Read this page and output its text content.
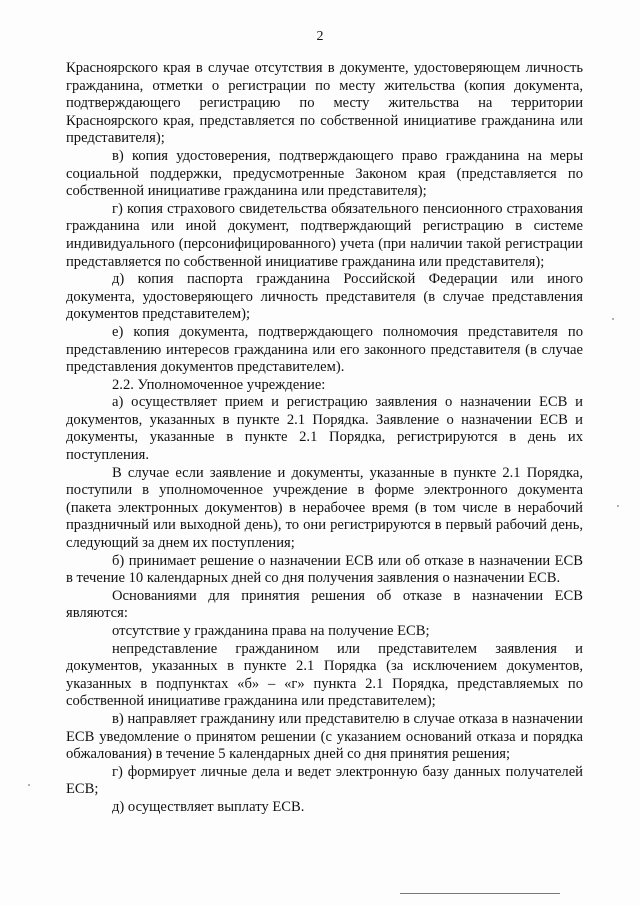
2

Красноярского края в случае отсутствия в документе, удостоверяющем личность гражданина, отметки о регистрации по месту жительства (копия документа, подтверждающего регистрацию по месту жительства на территории Красноярского края, представляется по собственной инициативе гражданина или представителя);

в) копия удостоверения, подтверждающего право гражданина на меры социальной поддержки, предусмотренные Законом края (представляется по собственной инициативе гражданина или представителя);

г) копия страхового свидетельства обязательного пенсионного страхования гражданина или иной документ, подтверждающий регистрацию в системе индивидуального (персонифицированного) учета (при наличии такой регистрации представляется по собственной инициативе гражданина или представителя);

д) копия паспорта гражданина Российской Федерации или иного документа, удостоверяющего личность представителя (в случае представления документов представителем);

е) копия документа, подтверждающего полномочия представителя по представлению интересов гражданина или его законного представителя (в случае представления документов представителем).

2.2. Уполномоченное учреждение:

а) осуществляет прием и регистрацию заявления о назначении ЕСВ и документов, указанных в пункте 2.1 Порядка. Заявление о назначении ЕСВ и документы, указанные в пункте 2.1 Порядка, регистрируются в день их поступления.

В случае если заявление и документы, указанные в пункте 2.1 Порядка, поступили в уполномоченное учреждение в форме электронного документа (пакета электронных документов) в нерабочее время (в том числе в нерабочий праздничный или выходной день), то они регистрируются в первый рабочий день, следующий за днем их поступления;

б) принимает решение о назначении ЕСВ или об отказе в назначении ЕСВ в течение 10 календарных дней со дня получения заявления о назначении ЕСВ.

Основаниями для принятия решения об отказе в назначении ЕСВ являются:

отсутствие у гражданина права на получение ЕСВ;

непредставление гражданином или представителем заявления и документов, указанных в пункте 2.1 Порядка (за исключением документов, указанных в подпунктах «б» – «г» пункта 2.1 Порядка, представляемых по собственной инициативе гражданина или представителем);

в) направляет гражданину или представителю в случае отказа в назначении ЕСВ уведомление о принятом решении (с указанием оснований отказа и порядка обжалования) в течение 5 календарных дней со дня принятия решения;

г) формирует личные дела и ведет электронную базу данных получателей ЕСВ;

д) осуществляет выплату ЕСВ.
